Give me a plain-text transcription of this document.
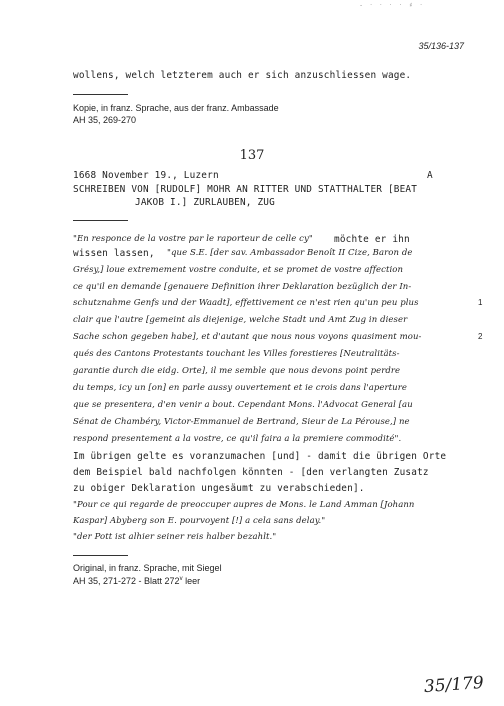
- · · · · ♯ ·
35/136-137
wollens, welch letzterem auch er sich anzuschliessen wage.
Kopie, in franz. Sprache, aus der franz. Ambassade
AH 35, 269-270
137
1668 November 19., Luzern	A
SCHREIBEN VON [RUDOLF] MOHR AN RITTER UND STATTHALTER [BEAT
JAKOB I.] ZURLAUBEN, ZUG
"En responce de la vostre par le raporteur de celle cy" möchte er ihn
wissen lassen, "que S.E. [der sav. Ambassador Benoît II Cize, Baron de
Grésy,] loue extremement vostre conduite, et se promet de vostre affection
ce qu'il en demande [genauere Definition ihrer Deklaration bezüglich der In-
schutznahme Genfs und der Waadt], effettivement ce n'est rien qu'un peu plus
clair que l'autre [gemeint als diejenige, welche Stadt und Amt Zug in dieser
Sache schon gegeben habe], et d'autant que nous nous voyons quasiment mou-
qués des Cantons Protestants touchant les Villes forestieres [Neutralitäts-
garantie durch die eidg. Orte], il me semble que nous devons point perdre
du temps, icy un [on] en parle aussy ouvertement et ie crois dans l'aperture
que se presentera, d'en venir a bout. Cependant Mons. l'Advocat General [au
Sénat de Chambéry, Victor-Emmanuel de Bertrand, Sieur de La Pérouse,] ne
respond presentement a la vostre, ce qu'il faira a la premiere commodité".
Im übrigen gelte es voranzumachen [und] - damit die übrigen Orte
dem Beispiel bald nachfolgen könnten - [den verlangten Zusatz
zu obiger Deklaration ungesäumt zu verabschieden].
"Pour ce qui regarde de preoccuper aupres de Mons. le Land Amman [Johann
Kaspar] Abyberg son E. pourvoyent [!] a cela sans delay."
"der Pott ist alhier seiner reis halber bezahlt."
1
2
Original, in franz. Sprache, mit Siegel
AH 35, 271-272 - Blatt 272$^v$ leer
35/179
